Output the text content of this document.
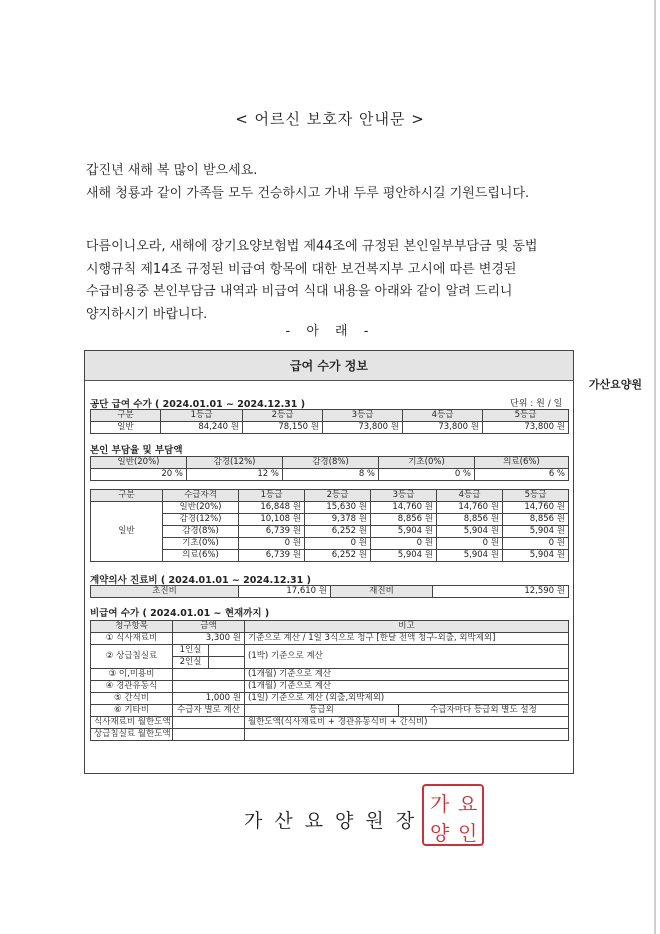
< 어르신 보호자 안내문 >
갑진년 새해 복 많이 받으세요.
새해 청룡과 같이 가족들 모두 건승하시고 가내 두루 평안하시길 기원드립니다.
다름이니오라, 새해에 장기요양보험법 제44조에 규정된 본인일부부담금 및 동법
시행규칙 제14조 규정된 비급여 항목에 대한 보건복지부 고시에 따른 변경된
수급비용중 본인부담금 내역과 비급여 식대 내용을 아래와 같이 알려 드리니
양지하시기 바랍니다.
- 아 래 -
급여 수가 정보
가산요양원
공단 급여 수가 ( 2024.01.01 ~ 2024.12.31 )	단위 : 원 / 일
구분	1등급	2등급	3등급	4등급	5등급
일반	84,240 원	78,150 원	73,800 원	73,800 원	73,800 원
본인 부담율 및 부담액
일반(20%)	감경(12%)	감경(8%)	기초(0%)	의료(6%)
20 %	12 %	8 %	0 %	6 %
구분	수급자격	1등급	2등급	3등급	4등급	5등급
일반	일반(20%)	16,848 원	15,630 원	14,760 원	14,760 원	14,760 원
	감경(12%)	10,108 원	9,378 원	8,856 원	8,856 원	8,856 원
	감경(8%)	6,739 원	6,252 원	5,904 원	5,904 원	5,904 원
	기초(0%)	0 원	0 원	0 원	0 원	0 원
	의료(6%)	6,739 원	6,252 원	5,904 원	5,904 원	5,904 원
계약의사 진료비 ( 2024.01.01 ~ 2024.12.31 )
초진비	17,610 원	재진비	12,590 원
비급여 수가 ( 2024.01.01 ~ 현재까지 )
청구항목	금액		비고	
① 식사재료비	3,300 원		기준으로 계산 / 1일 3식으로 청구 [한달 전액 청구-외출, 외박제외]	
② 상급침실료	1인실		(1박) 기준으로 계산	
	2인실			
③ 이,미용비			(1개월) 기준으로 계산	
④ 경관유동식			(1개월) 기준으로 계산	
⑤ 간식비	1,000 원		(1일) 기준으로 계산 (외출,외박제외)	
⑥ 기타비	수급자 별로 계산		등급외	수급자마다 등급외 별도 설정
식사재료비 월한도액			월한도액(식사재료비 + 경관유동식비 + 간식비)	
상급침실료 월한도액				
가산요양원장
가 요
양 인
